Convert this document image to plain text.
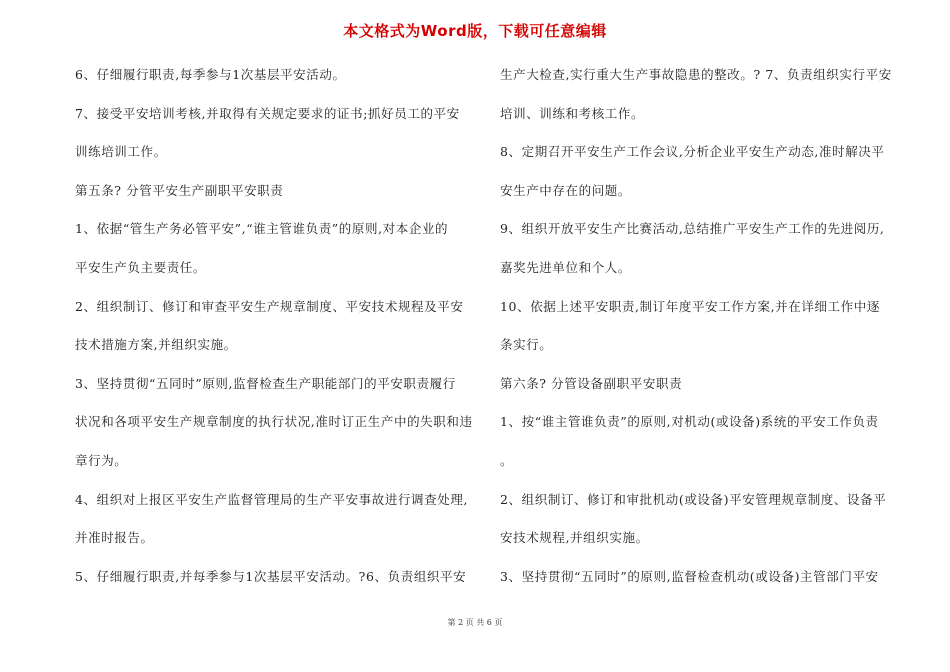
本文格式为Word版，下载可任意编辑
6、仔细履行职责,每季参与1次基层平安活动。
7、接受平安培训考核,并取得有关规定要求的证书;抓好员工的平安
训练培训工作。
第五条? 分管平安生产副职平安职责
1、依据“管生产务必管平安”,“谁主管谁负责”的原则,对本企业的
平安生产负主要责任。
2、组织制订、修订和审查平安生产规章制度、平安技术规程及平安
技术措施方案,并组织实施。
3、坚持贯彻“五同时”原则,监督检查生产职能部门的平安职责履行
状况和各项平安生产规章制度的执行状况,准时订正生产中的失职和违
章行为。
4、组织对上报区平安生产监督管理局的生产平安事故进行调查处理,
并准时报告。
5、仔细履行职责,并每季参与1次基层平安活动。?6、负责组织平安
生产大检查,实行重大生产事故隐患的整改。? 7、负责组织实行平安
培训、训练和考核工作。
8、定期召开平安生产工作会议,分析企业平安生产动态,准时解决平
安生产中存在的问题。
9、组织开放平安生产比赛活动,总结推广平安生产工作的先进阅历,
嘉奖先进单位和个人。
10、依据上述平安职责,制订年度平安工作方案,并在详细工作中逐
条实行。
第六条? 分管设备副职平安职责
1、按“谁主管谁负责”的原则,对机动(或设备)系统的平安工作负责
。
2、组织制订、修订和审批机动(或设备)平安管理规章制度、设备平
安技术规程,并组织实施。
3、坚持贯彻“五同时”的原则,监督检查机动(或设备)主管部门平安
第 2 页 共 6 页
